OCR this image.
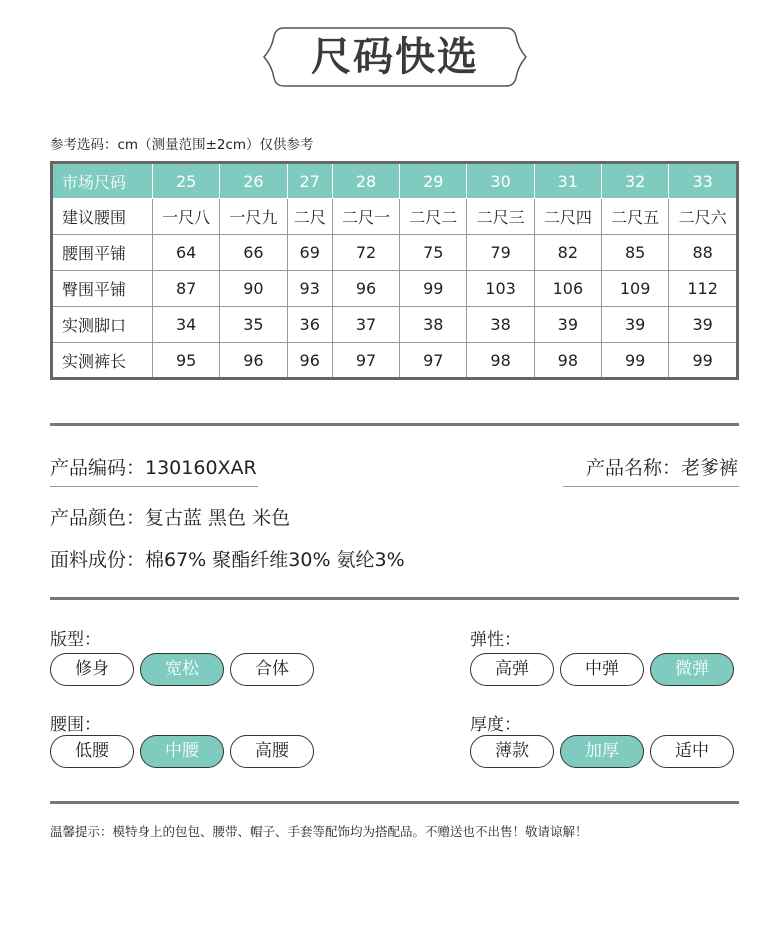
尺码快选
参考选码：cm（测量范围±2cm）仅供参考
市场尺码	25	26	27	28	29	30	31	32	33
建议腰围	一尺八	一尺九	二尺	二尺一	二尺二	二尺三	二尺四	二尺五	二尺六
腰围平铺	64	66	69	72	75	79	82	85	88
臀围平铺	87	90	93	96	99	103	106	109	112
实测脚口	34	35	36	37	38	38	39	39	39
实测裤长	95	96	96	97	97	98	98	99	99
产品编码：130160XAR	产品名称：老爹裤
产品颜色：复古蓝 黑色 米色
面料成份：棉67% 聚酯纤维30% 氨纶3%
版型：
修身	宽松	合体
弹性：
高弹	中弹	微弹
腰围：
低腰	中腰	高腰
厚度：
薄款	加厚	适中
温馨提示：模特身上的包包、腰带、帽子、手套等配饰均为搭配品。不赠送也不出售！敬请谅解！
